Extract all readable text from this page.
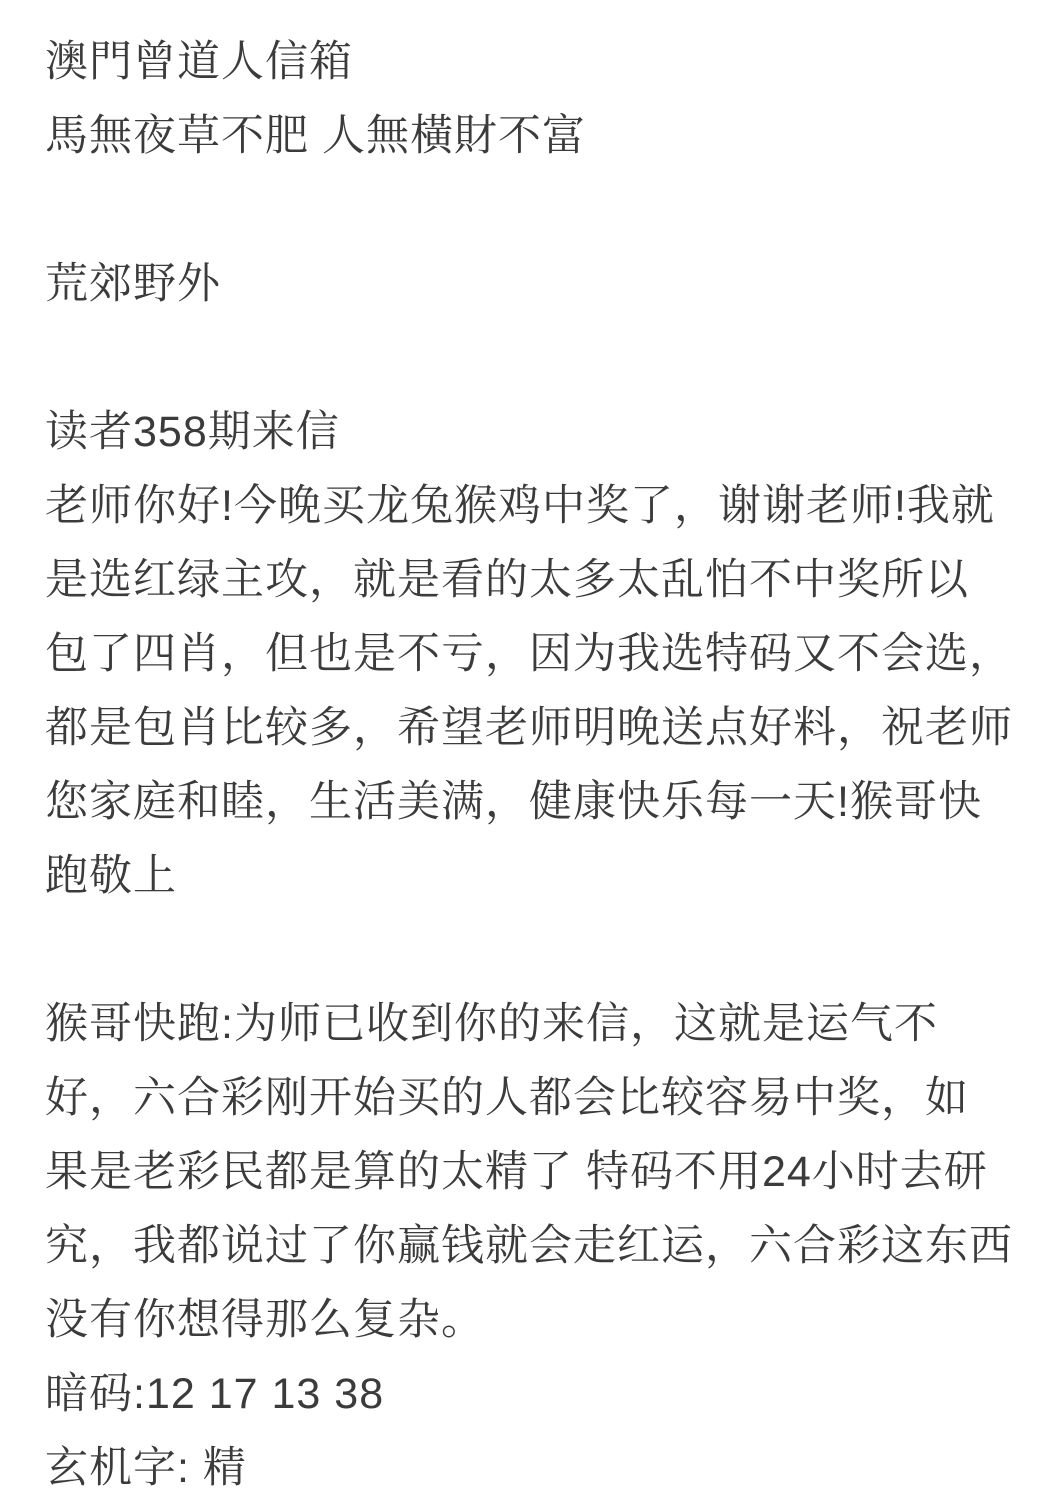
澳門曾道人信箱
馬無夜草不肥 人無橫財不富
荒郊野外
读者358期来信
老师你好!今晚买龙兔猴鸡中奖了，谢谢老师!我就
是选红绿主攻，就是看的太多太乱怕不中奖所以
包了四肖，但也是不亏，因为我选特码又不会选，
都是包肖比较多，希望老师明晚送点好料，祝老师
您家庭和睦，生活美满，健康快乐每一天!猴哥快
跑敬上
猴哥快跑:为师已收到你的来信，这就是运气不
好，六合彩刚开始买的人都会比较容易中奖，如
果是老彩民都是算的太精了 特码不用24小时去研
究，我都说过了你赢钱就会走红运，六合彩这东西
没有你想得那么复杂。
暗码:12 17 13 38
玄机字: 精
